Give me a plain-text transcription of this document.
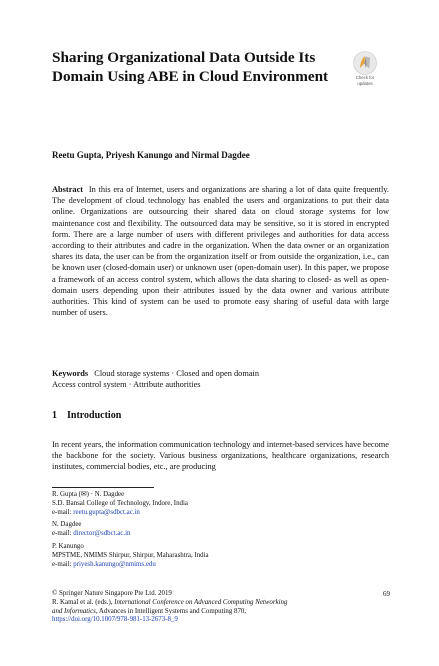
Sharing Organizational Data Outside Its Domain Using ABE in Cloud Environment	Check for
updates
Reetu Gupta, Priyesh Kanungo and Nirmal Dagdee
Abstract In this era of Internet, users and organizations are sharing a lot of data quite frequently. The development of cloud technology has enabled the users and organizations to put their data online. Organizations are outsourcing their shared data on cloud storage systems for low maintenance cost and flexibility. The outsourced data may be sensitive, so it is stored in encrypted form. There are a large number of users with different privileges and authorities for data access according to their attributes and cadre in the organization. When the data owner or an organization shares its data, the user can be from the organization itself or from outside the organization, i.e., can be known user (closed-domain user) or unknown user (open-domain user). In this paper, we propose a framework of an access control system, which allows the data sharing to closed- as well as open-domain users depending upon their attributes issued by the data owner and various attribute authorities. This kind of system can be used to promote easy sharing of useful data with large number of users.
Keywords Cloud storage systems · Closed and open domain
Access control system · Attribute authorities
1 Introduction
In recent years, the information communication technology and internet-based services have become the backbone for the society. Various business organizations, healthcare organizations, research institutes, commercial bodies, etc., are producing
R. Gupta (✉) · N. Dagdee
S.D. Bansal College of Technology, Indore, India
e-mail: reetu.gupta@sdbct.ac.in
N. Dagdee
e-mail: director@sdbct.ac.in
P. Kanungo
MPSTME, NMIMS Shirpur, Shirpur, Maharashtra, India
e-mail: priyesh.kanungo@nmims.edu
© Springer Nature Singapore Pte Ltd. 2019
R. Kamal et al. (eds.), International Conference on Advanced Computing Networking
and Informatics, Advances in Intelligent Systems and Computing 870,
https://doi.org/10.1007/978-981-13-2673-8_9
69
